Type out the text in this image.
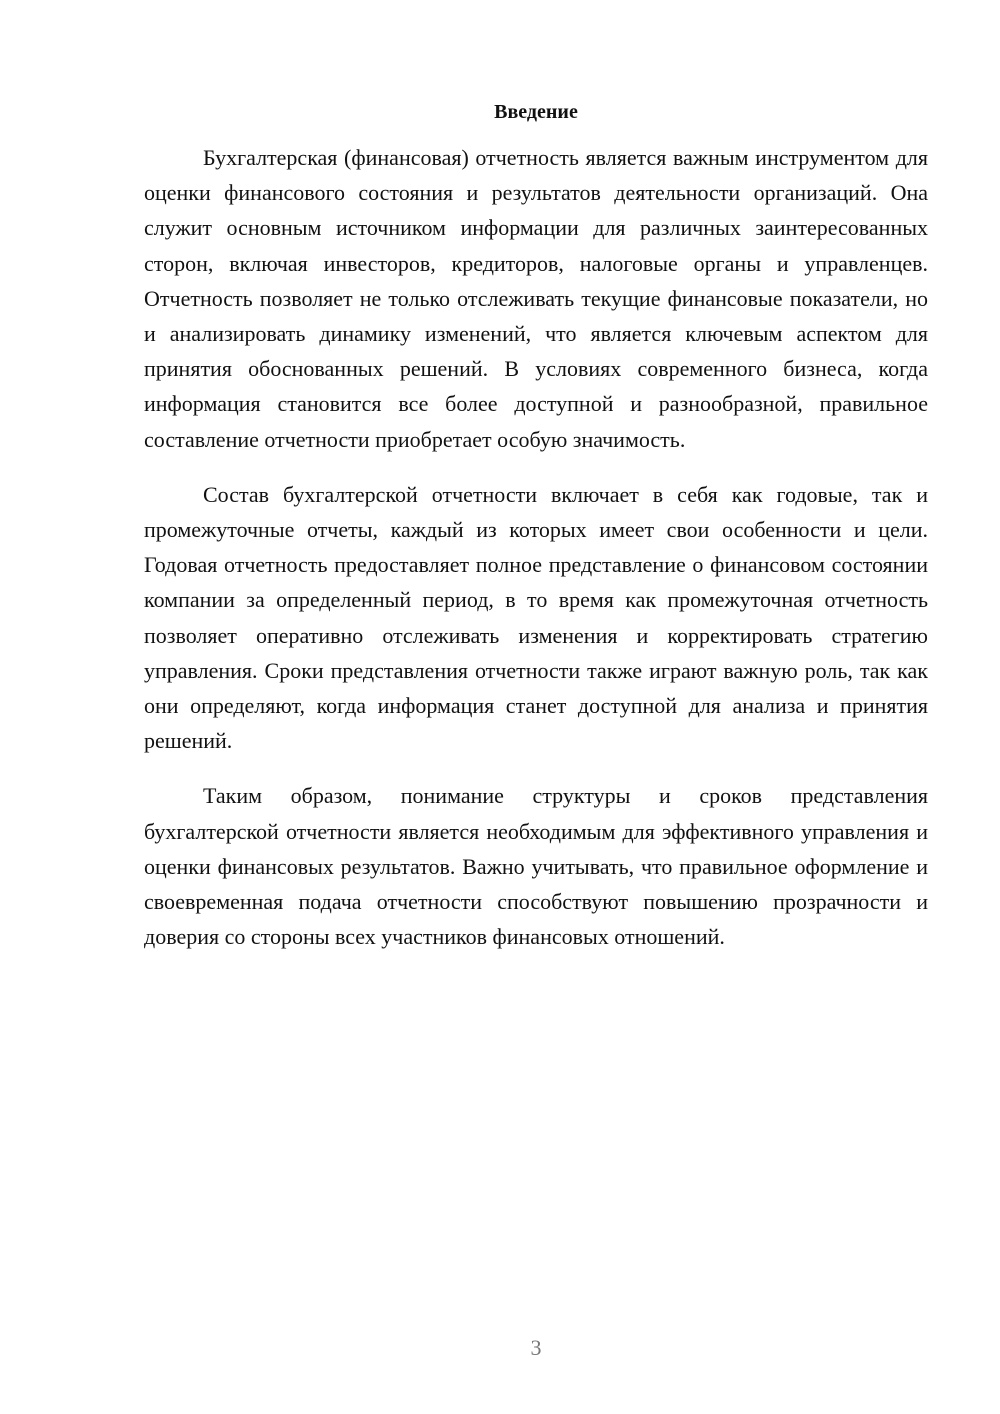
Введение

Бухгалтерская (финансовая) отчетность является важным инструментом для оценки финансового состояния и результатов деятельности организаций. Она служит основным источником информации для различных заинтересованных сторон, включая инвесторов, кредиторов, налоговые органы и управленцев. Отчетность позволяет не только отслеживать текущие финансовые показатели, но и анализировать динамику изменений, что является ключевым аспектом для принятия обоснованных решений. В условиях современного бизнеса, когда информация становится все более доступной и разнообразной, правильное составление отчетности приобретает особую значимость.

Состав бухгалтерской отчетности включает в себя как годовые, так и промежуточные отчеты, каждый из которых имеет свои особенности и цели. Годовая отчетность предоставляет полное представление о финансовом состоянии компании за определенный период, в то время как промежуточная отчетность позволяет оперативно отслеживать изменения и корректировать стратегию управления. Сроки представления отчетности также играют важную роль, так как они определяют, когда информация станет доступной для анализа и принятия решений.

Таким образом, понимание структуры и сроков представления бухгалтерской отчетности является необходимым для эффективного управления и оценки финансовых результатов. Важно учитывать, что правильное оформление и своевременная подача отчетности способствуют повышению прозрачности и доверия со стороны всех участников финансовых отношений.

3
